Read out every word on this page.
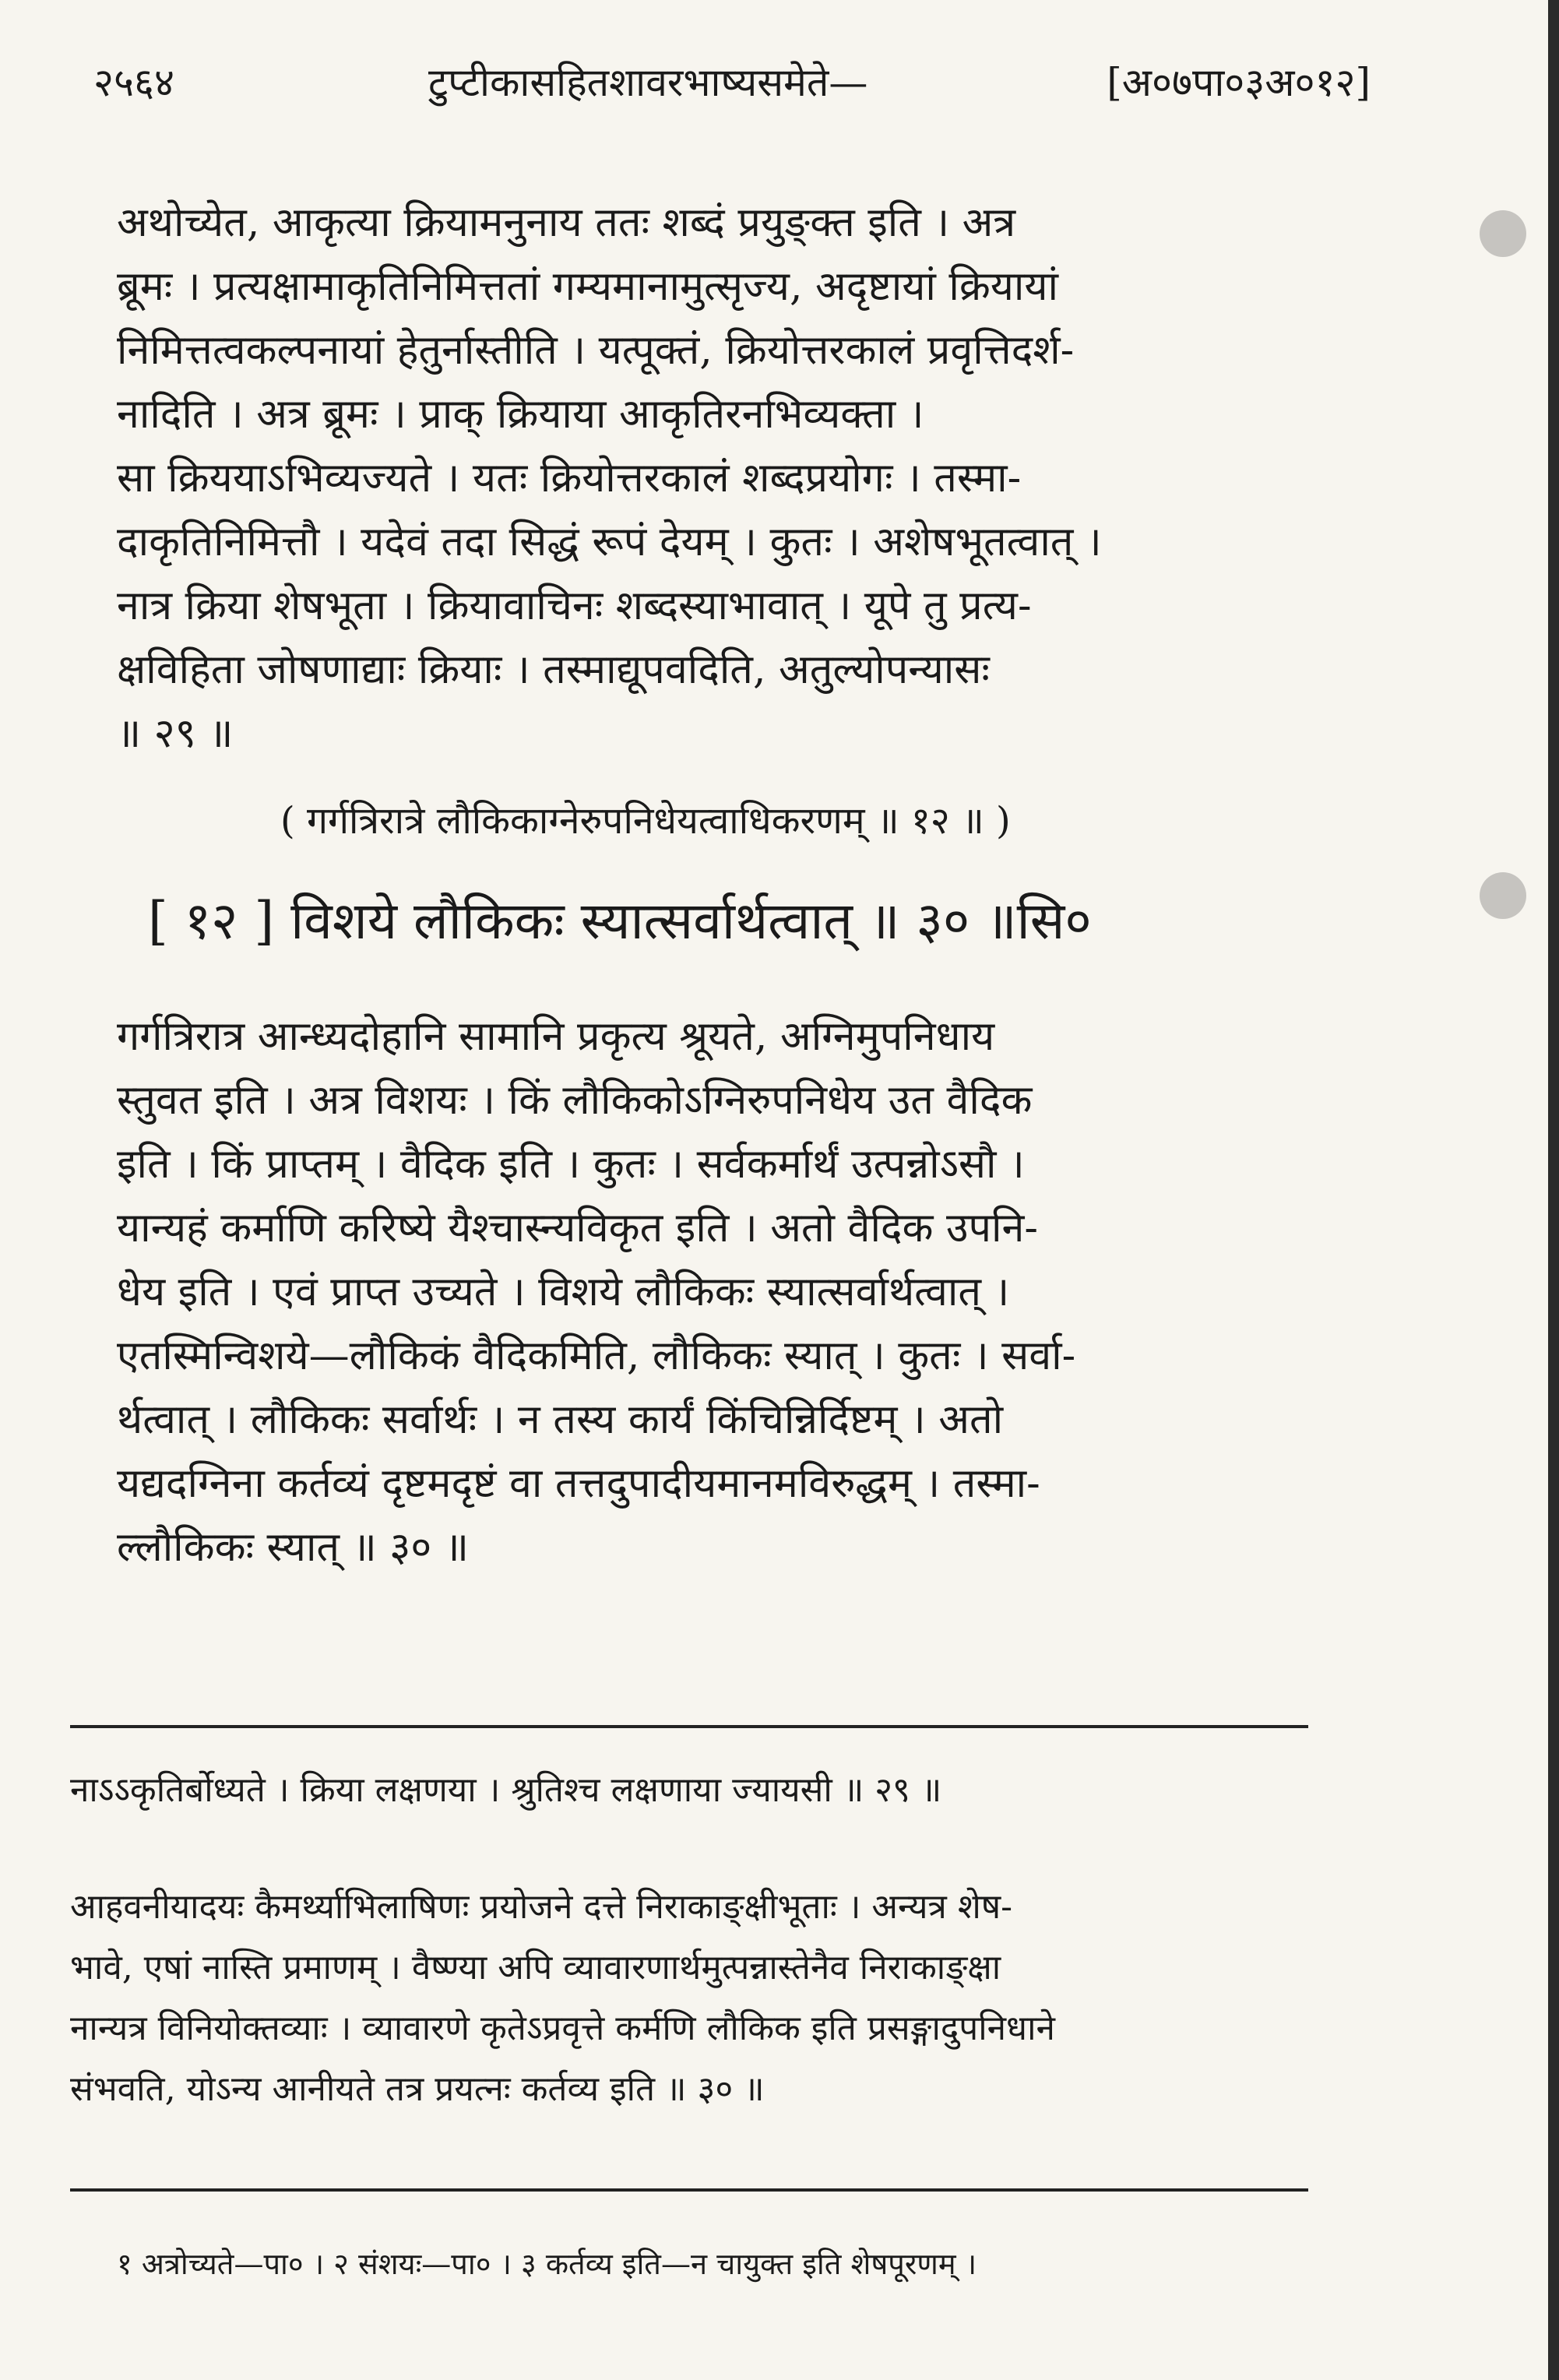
२५६४	टुप्टीकासहितशावरभाष्यसमेते—	[अ०७पा०३अ०१२]
अथोच्येत, आकृत्या क्रियामनुनाय ततः शब्दं प्रयुङ्क्त इति । अत्र
ब्रूमः । प्रत्यक्षामाकृतिनिमित्ततां गम्यमानामुत्सृज्य, अदृष्टायां क्रियायां
निमित्तत्वकल्पनायां हेतुर्नास्तीति । यत्पूक्तं, क्रियोत्तरकालं प्रवृत्तिदर्श-
नादिति । अत्र ब्रूमः । प्राक् क्रियाया आकृतिरनभिव्यक्ता ।
सा क्रिययाऽभिव्यज्यते । यतः क्रियोत्तरकालं शब्दप्रयोगः । तस्मा-
दाकृतिनिमित्तौ । यदेवं तदा सिद्धं रूपं देयम् । कुतः । अशेषभूतत्वात् ।
नात्र क्रिया शेषभूता । क्रियावाचिनः शब्दस्याभावात् । यूपे तु प्रत्य-
क्षविहिता जोषणाद्याः क्रियाः । तस्माद्यूपवदिति, अतुल्योपन्यासः
॥ २९ ॥
( गर्गत्रिरात्रे लौकिकाग्नेरुपनिधेयत्वाधिकरणम् ॥ १२ ॥ )
[ १२ ] विशये लौकिकः स्यात्सर्वार्थत्वात् ॥ ३० ॥सि०
गर्गत्रिरात्र आन्ध्यदोहानि सामानि प्रकृत्य श्रूयते, अग्निमुपनिधाय
स्तुवत इति । अत्र विशयः । किं लौकिकोऽग्निरुपनिधेय उत वैदिक
इति । किं प्राप्तम् । वैदिक इति । कुतः । सर्वकर्मार्थं उत्पन्नोऽसौ ।
यान्यहं कर्माणि करिष्ये यैश्चास्न्यविकृत इति । अतो वैदिक उपनि-
धेय इति । एवं प्राप्त उच्यते । विशये लौकिकः स्यात्सर्वार्थत्वात् ।
एतस्मिन्विशये—लौकिकं वैदिकमिति, लौकिकः स्यात् । कुतः । सर्वा-
र्थत्वात् । लौकिकः सर्वार्थः । न तस्य कार्यं किंचिन्निर्दिष्टम् । अतो
यद्यदग्निना कर्तव्यं दृष्टमदृष्टं वा तत्तदुपादीयमानमविरुद्धम् । तस्मा-
ल्लौकिकः स्यात् ॥ ३० ॥
नाऽऽकृतिर्बोध्यते । क्रिया लक्षणया । श्रुतिश्च लक्षणाया ज्यायसी ॥ २९ ॥
आहवनीयादयः कैमर्थ्याभिलाषिणः प्रयोजने दत्ते निराकाङ्क्षीभूताः । अन्यत्र शेष-
भावे, एषां नास्ति प्रमाणम् । वैष्ण्या अपि व्यावारणार्थमुत्पन्नास्तेनैव निराकाङ्क्षा
नान्यत्र विनियोक्तव्याः । व्यावारणे कृतेऽप्रवृत्ते कर्मणि लौकिक इति प्रसङ्गादुपनिधाने
संभवति, योऽन्य आनीयते तत्र प्रयत्नः कर्तव्य इति ॥ ३० ॥
१ अत्रोच्यते—पा० । २ संशयः—पा० । ३ कर्तव्य इति—न चायुक्त इति शेषपूरणम् ।
